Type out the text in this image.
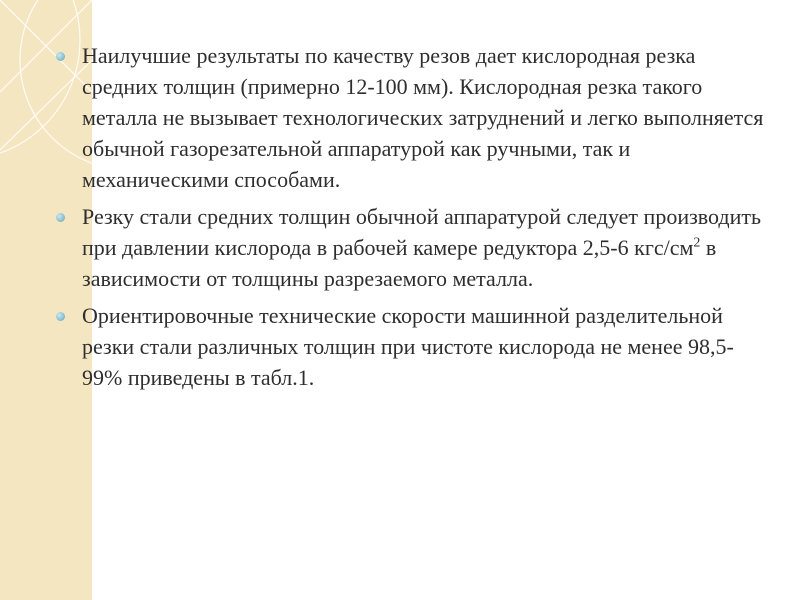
Наилучшие результаты по качеству резов дает кислородная резка средних толщин (примерно 12-100 мм). Кислородная резка такого металла не вызывает технологических затруднений и легко выполняется обычной газорезательной аппаратурой как ручными, так и механическими способами.
Резку стали средних толщин обычной аппаратурой следует производить при давлении кислорода в рабочей камере редуктора 2,5-6 кгс/$см^2$ в зависимости от толщины разрезаемого металла.
Ориентировочные технические скорости машинной разделительной резки стали различных толщин при чистоте кислорода не менее 98,5-99% приведены в табл.1.
